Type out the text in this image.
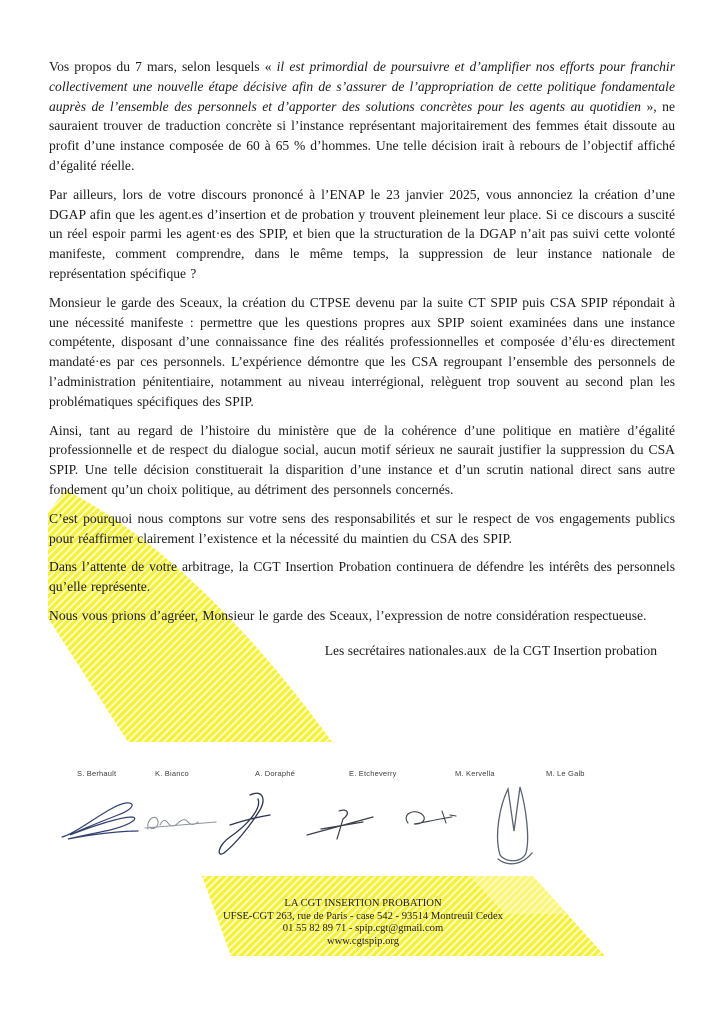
Vos propos du 7 mars, selon lesquels « il est primordial de poursuivre et d’amplifier nos efforts pour franchir collectivement une nouvelle étape décisive afin de s’assurer de l’appropriation de cette politique fondamentale auprès de l’ensemble des personnels et d’apporter des solutions concrètes pour les agents au quotidien », ne sauraient trouver de traduction concrète si l’instance représentant majoritairement des femmes était dissoute au profit d’une instance composée de 60 à 65 % d’hommes. Une telle décision irait à rebours de l’objectif affiché d’égalité réelle.

Par ailleurs, lors de votre discours prononcé à l’ENAP le 23 janvier 2025, vous annonciez la création d’une DGAP afin que les agent.es d’insertion et de probation y trouvent pleinement leur place. Si ce discours a suscité un réel espoir parmi les agent·es des SPIP, et bien que la structuration de la DGAP n’ait pas suivi cette volonté manifeste, comment comprendre, dans le même temps, la suppression de leur instance nationale de représentation spécifique ?

Monsieur le garde des Sceaux, la création du CTPSE devenu par la suite CT SPIP puis CSA SPIP répondait à une nécessité manifeste : permettre que les questions propres aux SPIP soient examinées dans une instance compétente, disposant d’une connaissance fine des réalités professionnelles et composée d’élu·es directement mandaté·es par ces personnels. L’expérience démontre que les CSA regroupant l’ensemble des personnels de l’administration pénitentiaire, notamment au niveau interrégional, relèguent trop souvent au second plan les problématiques spécifiques des SPIP.

Ainsi, tant au regard de l’histoire du ministère que de la cohérence d’une politique en matière d’égalité professionnelle et de respect du dialogue social, aucun motif sérieux ne saurait justifier la suppression du CSA SPIP. Une telle décision constituerait la disparition d’une instance et d’un scrutin national direct sans autre fondement qu’un choix politique, au détriment des personnels concernés.

C’est pourquoi nous comptons sur votre sens des responsabilités et sur le respect de vos engagements publics pour réaffirmer clairement l’existence et la nécessité du maintien du CSA des SPIP.

Dans l’attente de votre arbitrage, la CGT Insertion Probation continuera de défendre les intérêts des personnels qu’elle représente.

Nous vous prions d’agréer, Monsieur le garde des Sceaux, l’expression de notre considération respectueuse.

Les secrétaires nationales.aux  de la CGT Insertion probation
S. Berhault	K. Bianco	A. Doraphé	E. Etcheverry	M. Kervella	M. Le Galb

LA CGT INSERTION PROBATION

UFSE-CGT 263, rue de Paris - case 542 - 93514 Montreuil Cedex

01 55 82 89 71 - spip.cgt@gmail.com

www.cgtspip.org
